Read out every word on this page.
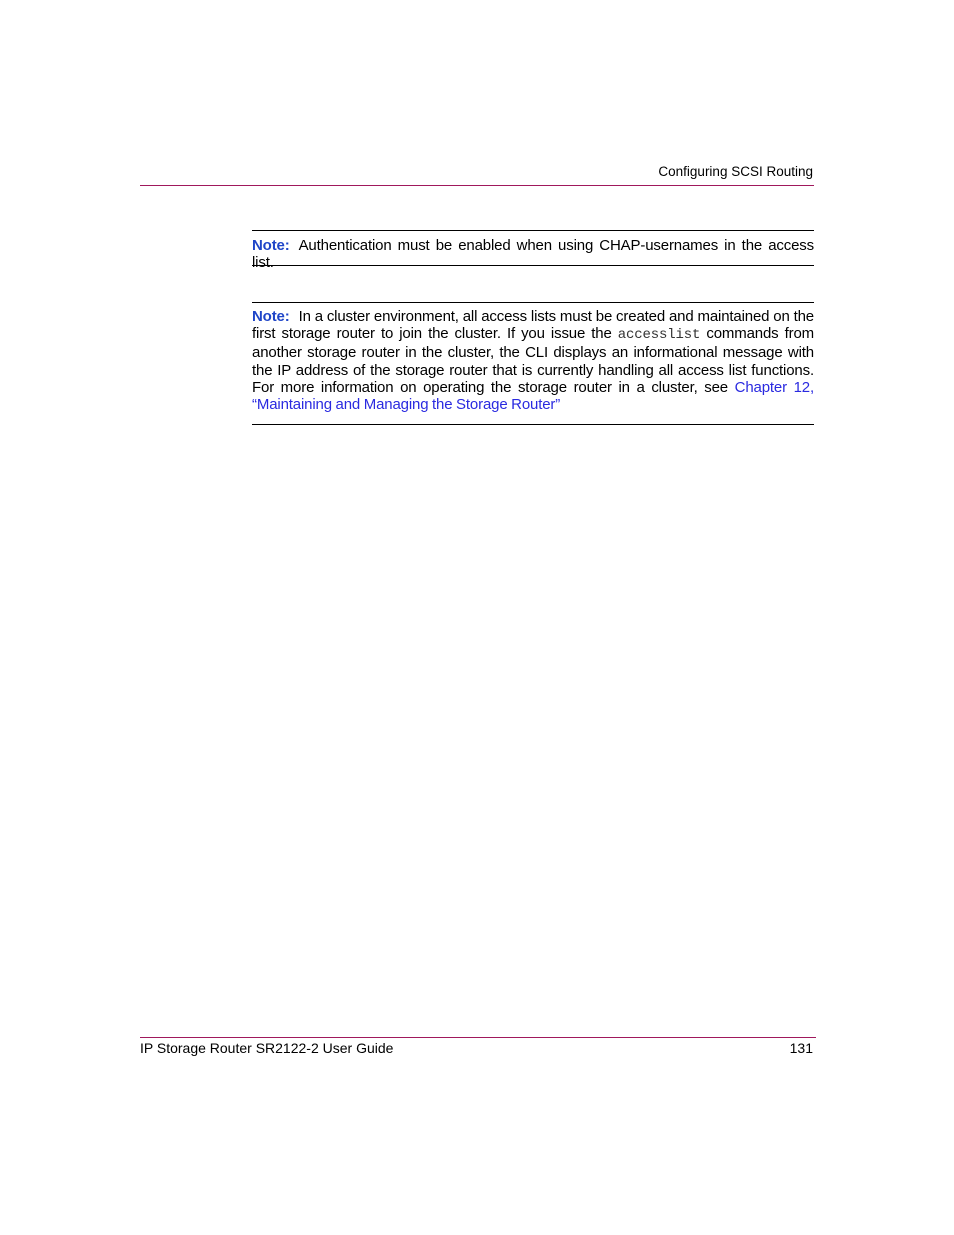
Configuring SCSI Routing
Note: Authentication must be enabled when using CHAP-usernames in the access list.
Note: In a cluster environment, all access lists must be created and maintained on the first storage router to join the cluster. If you issue the accesslist commands from another storage router in the cluster, the CLI displays an informational message with the IP address of the storage router that is currently handling all access list functions. For more information on operating the storage router in a cluster, see Chapter 12, “Maintaining and Managing the Storage Router”
IP Storage Router SR2122-2 User Guide	131
